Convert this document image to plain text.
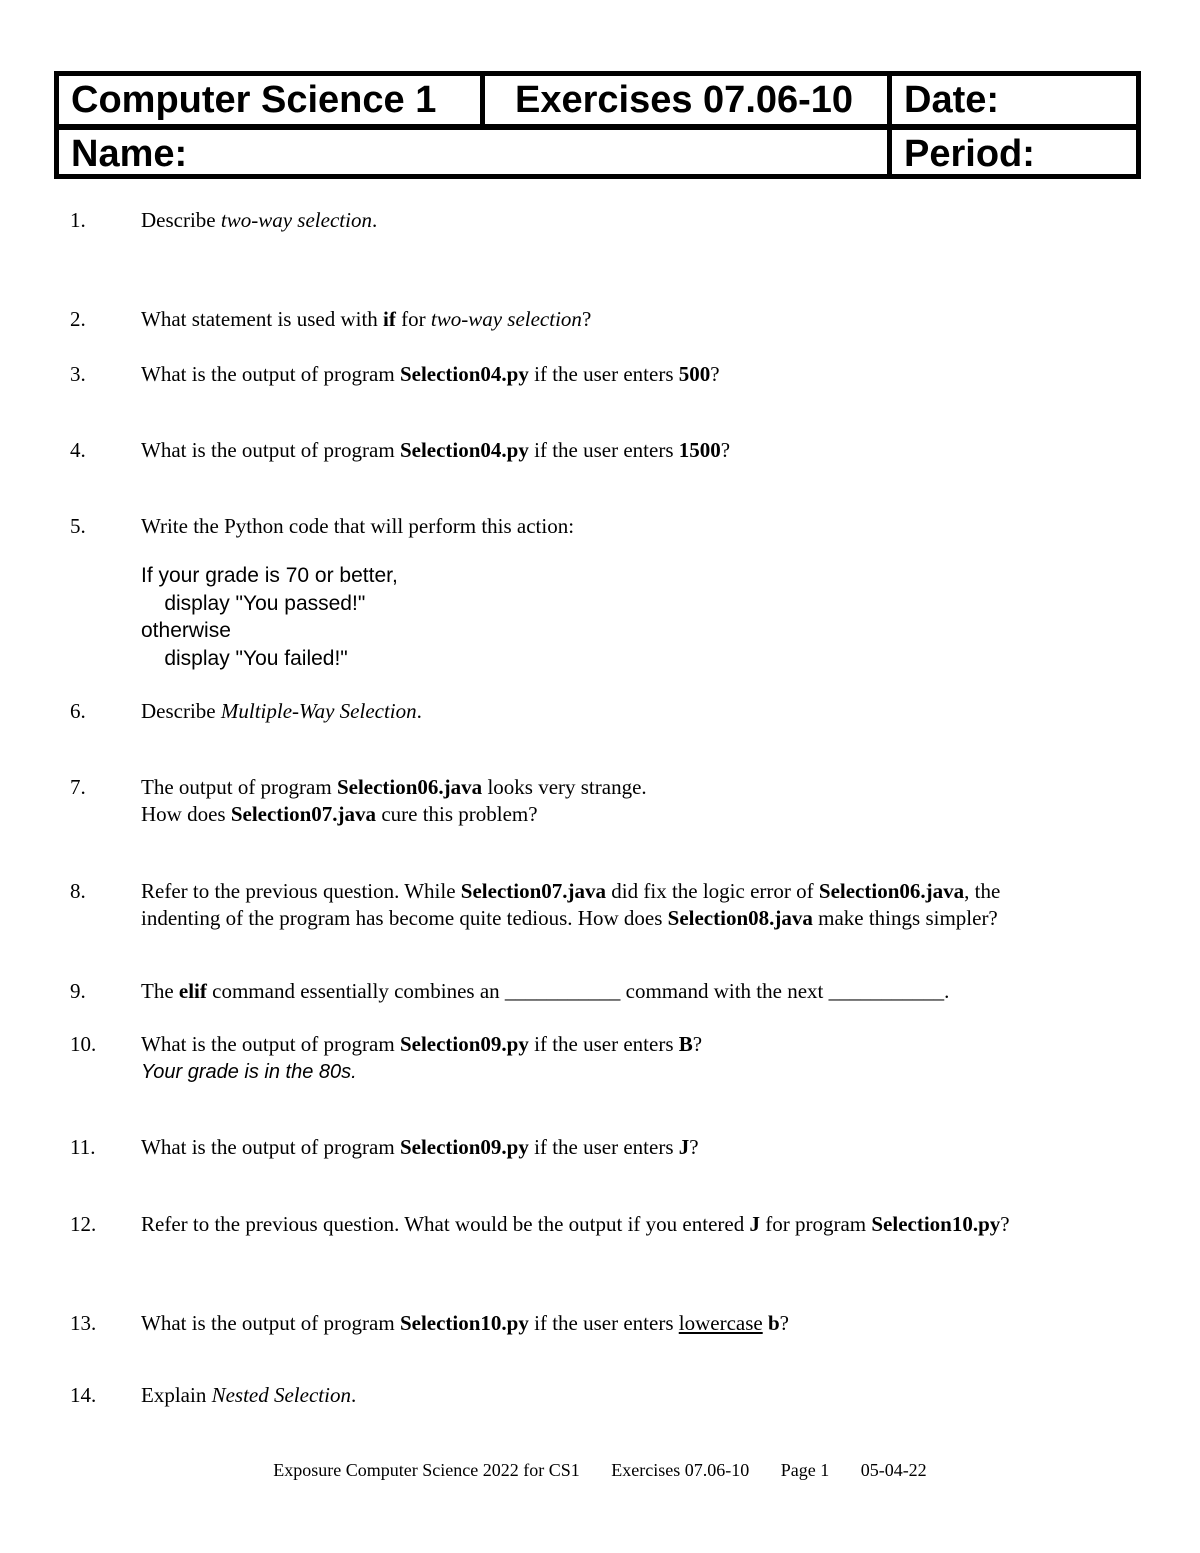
Computer Science 1	Exercises 07.06-10	Date:
Name:	Period:
1.	Describe two-way selection.
2.	What statement is used with if for two-way selection?
3.	What is the output of program Selection04.py if the user enters 500?
4.	What is the output of program Selection04.py if the user enters 1500?
5.	Write the Python code that will perform this action:
If your grade is 70 or better,
display "You passed!"
otherwise
display "You failed!"
6.	Describe Multiple-Way Selection.
7.	The output of program Selection06.java looks very strange.
How does Selection07.java cure this problem?
8.	Refer to the previous question. While Selection07.java did fix the logic error of Selection06.java, the
indenting of the program has become quite tedious. How does Selection08.java make things simpler?
9.	The elif command essentially combines an ___________ command with the next ___________.
10. What is the output of program Selection09.py if the user enters B?
Your grade is in the 80s.
11. What is the output of program Selection09.py if the user enters J?
12. Refer to the previous question. What would be the output if you entered J for program Selection10.py?
13. What is the output of program Selection10.py if the user enters lowercase b?
14. Explain Nested Selection.
Exposure Computer Science 2022 for CS1       Exercises 07.06-10       Page 1       05-04-22
